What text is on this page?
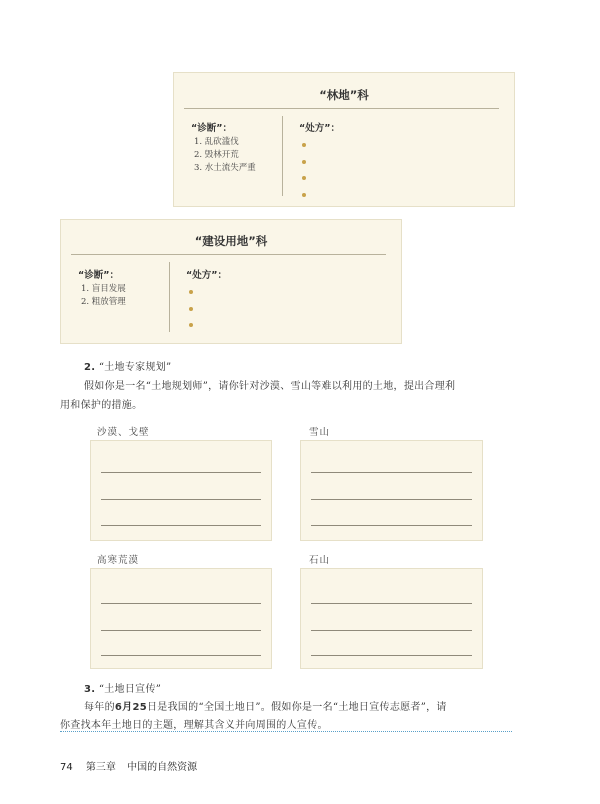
“林地”科
“诊断”：
1. 乱砍滥伐
2. 毁林开荒
3. 水土流失严重
“处方”：
“建设用地”科
“诊断”：
1. 盲目发展
2. 粗放管理
“处方”：
2. “土地专家规划”
假如你是一名“土地规划师”，请你针对沙漠、雪山等难以利用的土地，提出合理利
用和保护的措施。
沙漠、戈壁	雪山
高寒荒漠	石山
3. “土地日宣传”
每年的6月25日是我国的“全国土地日”。假如你是一名“土地日宣传志愿者”，请
你查找本年土地日的主题，理解其含义并向周围的人宣传。
74 第三章 中国的自然资源
